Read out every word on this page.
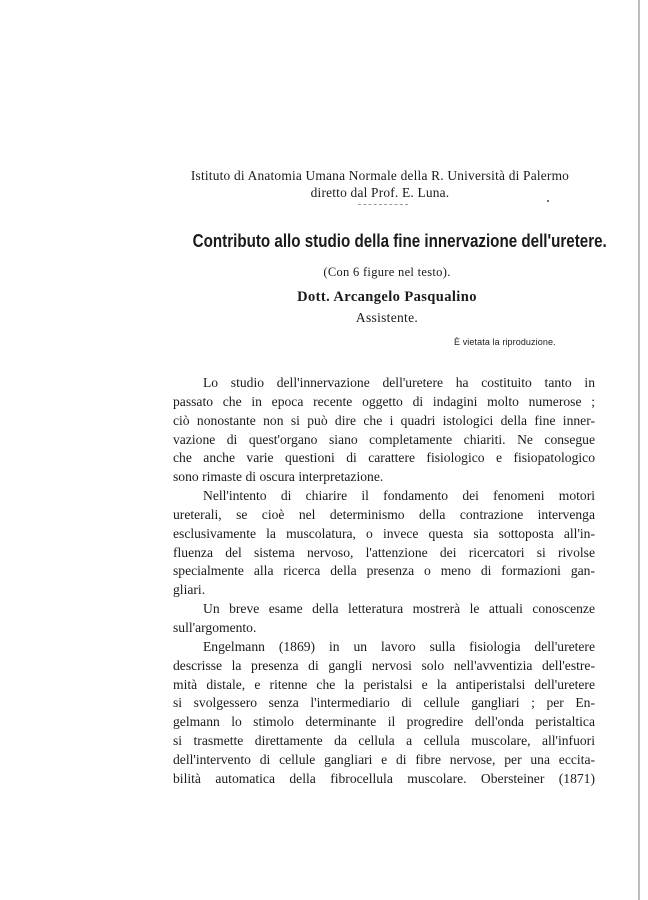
Istituto di Anatomia Umana Normale della R. Università di Palermo
diretto dal Prof. E. Luna.
Contributo allo studio della fine innervazione dell'uretere.
(Con 6 figure nel testo).
Dott. Arcangelo Pasqualino
Assistente.
È vietata la riproduzione.
Lo studio dell'innervazione dell'uretere ha costituito tanto in
passato che in epoca recente oggetto di indagini molto numerose ;
ciò nonostante non si può dire che i quadri istologici della fine inner-
vazione di quest'organo siano completamente chiariti. Ne consegue
che anche varie questioni di carattere fisiologico e fisiopatologico
sono rimaste di oscura interpretazione.
Nell'intento di chiarire il fondamento dei fenomeni motori
ureterali, se cioè nel determinismo della contrazione intervenga
esclusivamente la muscolatura, o invece questa sia sottoposta all'in-
fluenza del sistema nervoso, l'attenzione dei ricercatori si rivolse
specialmente alla ricerca della presenza o meno di formazioni gan-
gliari.
Un breve esame della letteratura mostrerà le attuali conoscenze
sull'argomento.
Engelmann (1869) in un lavoro sulla fisiologia dell'uretere
descrisse la presenza di gangli nervosi solo nell'avventizia dell'estre-
mità distale, e ritenne che la peristalsi e la antiperistalsi dell'uretere
si svolgessero senza l'intermediario di cellule gangliari ; per En-
gelmann lo stimolo determinante il progredire dell'onda peristaltica
si trasmette direttamente da cellula a cellula muscolare, all'infuori
dell'intervento di cellule gangliari e di fibre nervose, per una eccita-
bilità automatica della fibrocellula muscolare. Obersteiner (1871)
